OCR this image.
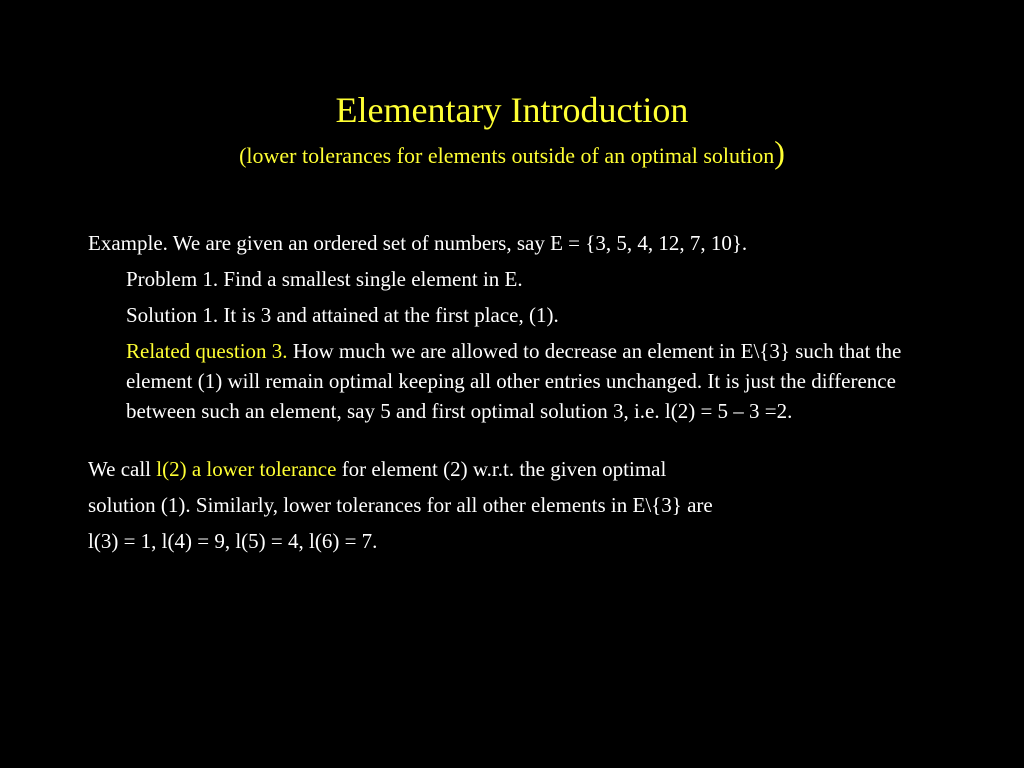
Elementary Introduction
(lower tolerances for elements outside of an optimal solution)

Example. We are given an ordered set of numbers, say E = {3, 5, 4, 12, 7, 10}.

Problem 1. Find a smallest single element in E.

Solution 1. It is 3 and attained at the first place, (1).

Related question 3. How much we are allowed to decrease an element in E\{3} such that the element (1) will remain optimal keeping all other entries unchanged. It is just the difference between such an element, say 5 and first optimal solution 3, i.e. l(2) = 5 – 3 =2.

We call l(2) a lower tolerance for element (2) w.r.t. the given optimal

solution (1). Similarly, lower tolerances for all other elements in E\{3} are

l(3) = 1, l(4) = 9, l(5) = 4, l(6) = 7.
